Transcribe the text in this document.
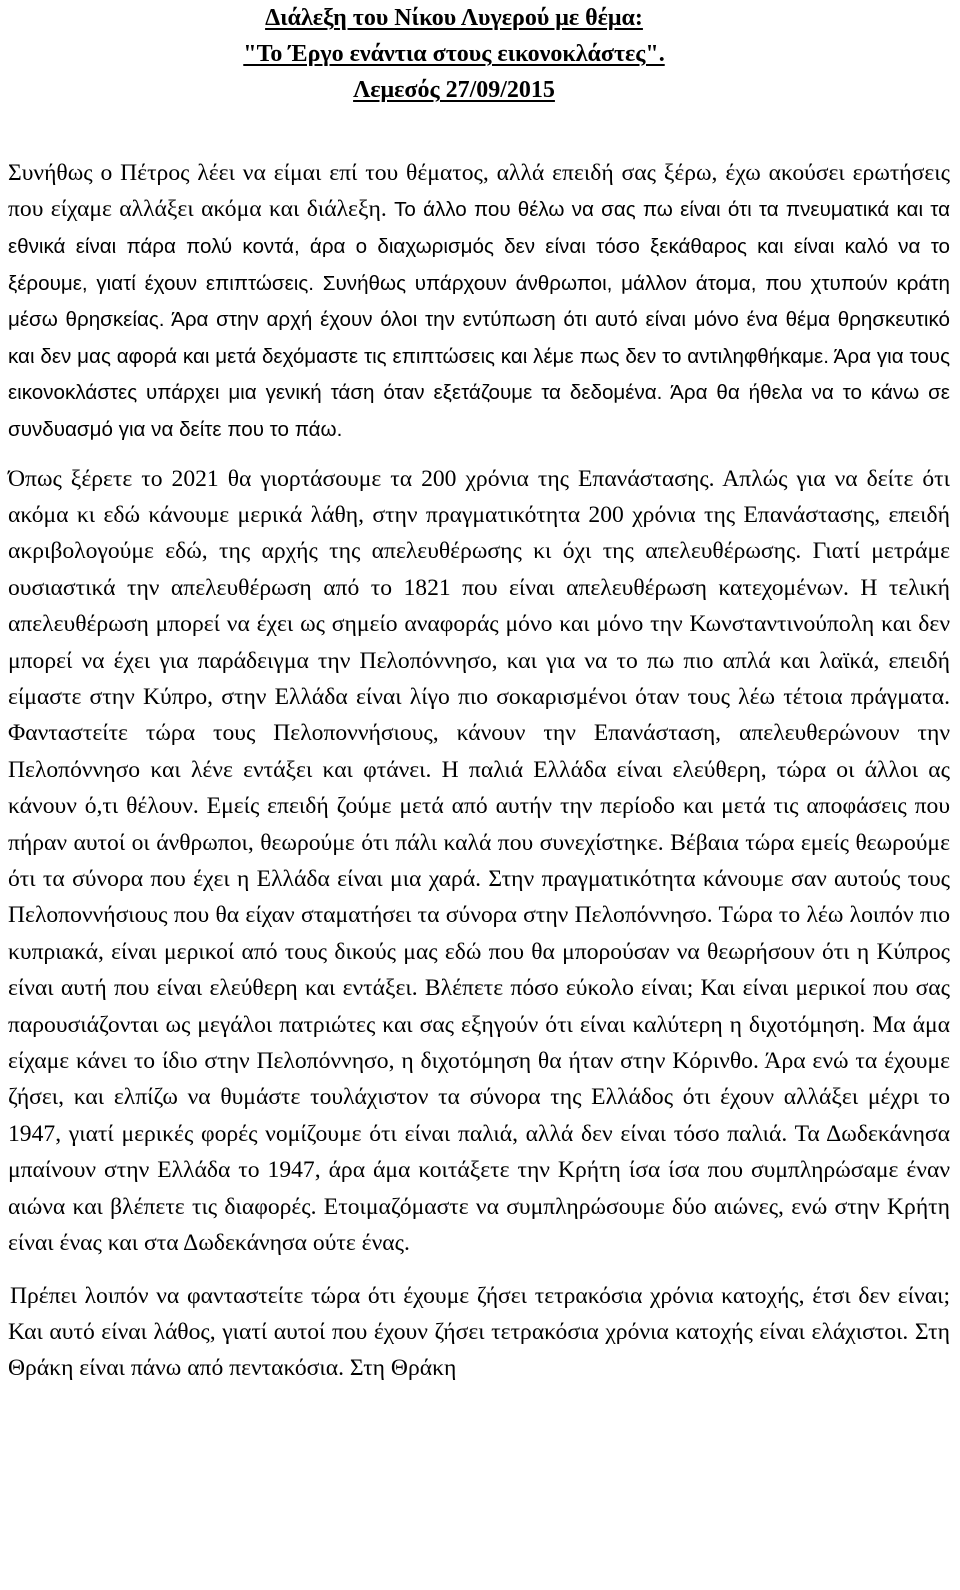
Διάλεξη του Νίκου Λυγερού με θέμα:
"Το Έργο ενάντια στους εικονοκλάστες".
Λεμεσός 27/09/2015

Συνήθως ο Πέτρος λέει να είμαι επί του θέματος, αλλά επειδή σας ξέρω, έχω ακούσει ερωτήσεις που είχαμε αλλάξει ακόμα και διάλεξη. Το άλλο που θέλω να σας πω είναι ότι τα πνευματικά και τα εθνικά είναι πάρα πολύ κοντά, άρα ο διαχωρισμός δεν είναι τόσο ξεκάθαρος και είναι καλό να το ξέρουμε, γιατί έχουν επιπτώσεις. Συνήθως υπάρχουν άνθρωποι, μάλλον άτομα, που χτυπούν κράτη μέσω θρησκείας. Άρα στην αρχή έχουν όλοι την εντύπωση ότι αυτό είναι μόνο ένα θέμα θρησκευτικό και δεν μας αφορά και μετά δεχόμαστε τις επιπτώσεις και λέμε πως δεν το αντιληφθήκαμε. Άρα για τους εικονοκλάστες υπάρχει μια γενική τάση όταν εξετάζουμε τα δεδομένα. Άρα θα ήθελα να το κάνω σε συνδυασμό για να δείτε που το πάω.

Όπως ξέρετε το 2021 θα γιορτάσουμε τα 200 χρόνια της Επανάστασης. Απλώς για να δείτε ότι ακόμα κι εδώ κάνουμε μερικά λάθη, στην πραγματικότητα 200 χρόνια της Επανάστασης, επειδή ακριβολογούμε εδώ, της αρχής της απελευθέρωσης κι όχι της απελευθέρωσης. Γιατί μετράμε ουσιαστικά την απελευθέρωση από το 1821 που είναι απελευθέρωση κατεχομένων. Η τελική απελευθέρωση μπορεί να έχει ως σημείο αναφοράς μόνο και μόνο την Κωνσταντινούπολη και δεν μπορεί να έχει για παράδειγμα την Πελοπόννησο, και για να το πω πιο απλά και λαϊκά, επειδή είμαστε στην Κύπρο, στην Ελλάδα είναι λίγο πιο σοκαρισμένοι όταν τους λέω τέτοια πράγματα. Φανταστείτε τώρα τους Πελοποννήσιους, κάνουν την Επανάσταση, απελευθερώνουν την Πελοπόννησο και λένε εντάξει και φτάνει. Η παλιά Ελλάδα είναι ελεύθερη, τώρα οι άλλοι ας κάνουν ό,τι θέλουν. Εμείς επειδή ζούμε μετά από αυτήν την περίοδο και μετά τις αποφάσεις που πήραν αυτοί οι άνθρωποι, θεωρούμε ότι πάλι καλά που συνεχίστηκε. Βέβαια τώρα εμείς θεωρούμε ότι τα σύνορα που έχει η Ελλάδα είναι μια χαρά. Στην πραγματικότητα κάνουμε σαν αυτούς τους Πελοποννήσιους που θα είχαν σταματήσει τα σύνορα στην Πελοπόννησο. Τώρα το λέω λοιπόν πιο κυπριακά, είναι μερικοί από τους δικούς μας εδώ που θα μπορούσαν να θεωρήσουν ότι η Κύπρος είναι αυτή που είναι ελεύθερη και εντάξει. Βλέπετε πόσο εύκολο είναι; Και είναι μερικοί που σας παρουσιάζονται ως μεγάλοι πατριώτες και σας εξηγούν ότι είναι καλύτερη η διχοτόμηση. Μα άμα είχαμε κάνει το ίδιο στην Πελοπόννησο, η διχοτόμηση θα ήταν στην Κόρινθο. Άρα ενώ τα έχουμε ζήσει, και ελπίζω να θυμάστε τουλάχιστον τα σύνορα της Ελλάδος ότι έχουν αλλάξει μέχρι το 1947, γιατί μερικές φορές νομίζουμε ότι είναι παλιά, αλλά δεν είναι τόσο παλιά. Τα Δωδεκάνησα μπαίνουν στην Ελλάδα το 1947, άρα άμα κοιτάξετε την Κρήτη ίσα ίσα που συμπληρώσαμε έναν αιώνα και βλέπετε τις διαφορές. Ετοιμαζόμαστε να συμπληρώσουμε δύο αιώνες, ενώ στην Κρήτη είναι ένας και στα Δωδεκάνησα ούτε ένας.

Πρέπει λοιπόν να φανταστείτε τώρα ότι έχουμε ζήσει τετρακόσια χρόνια κατοχής, έτσι δεν είναι; Και αυτό είναι λάθος, γιατί αυτοί που έχουν ζήσει τετρακόσια χρόνια κατοχής είναι ελάχιστοι. Στη Θράκη είναι πάνω από πεντακόσια. Στη Θράκη
